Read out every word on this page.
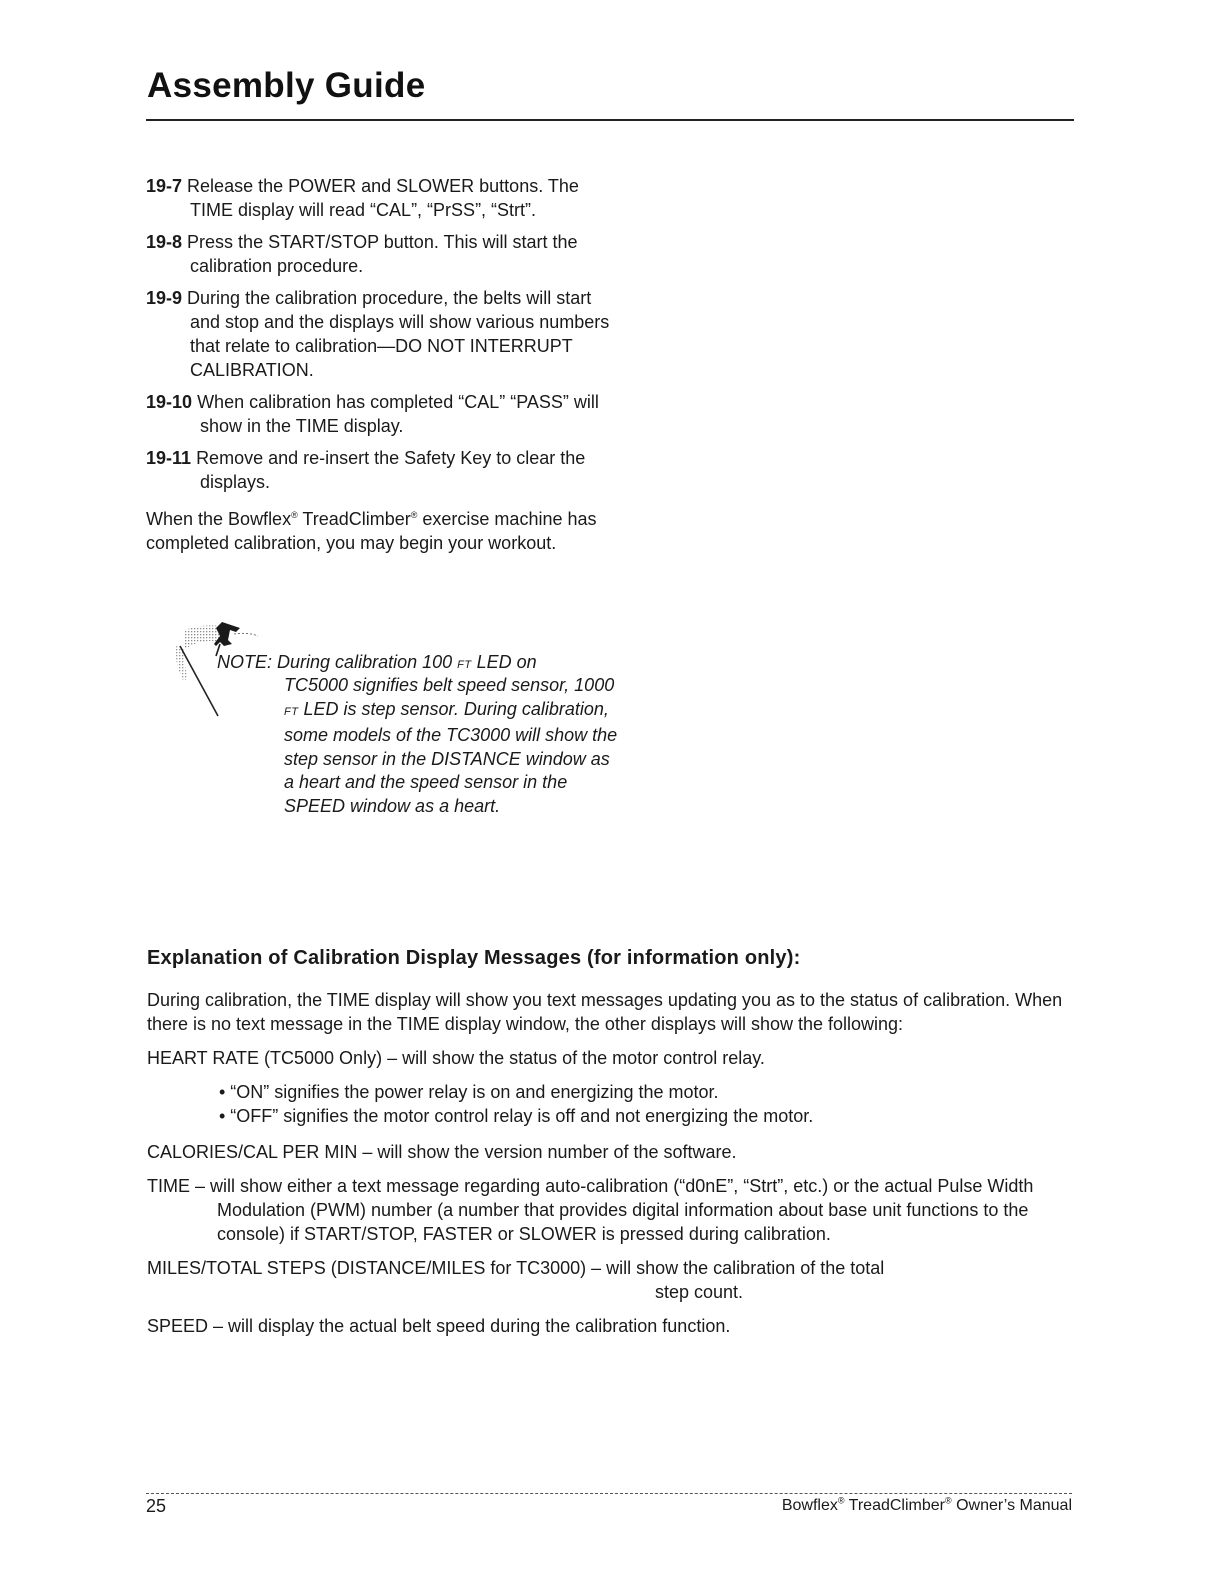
Assembly Guide

19-7 Release the POWER and SLOWER buttons. The TIME display will read “CAL”, “PrSS”, “Strt”.

19-8 Press the START/STOP button. This will start the calibration procedure.

19-9 During the calibration procedure, the belts will start and stop and the displays will show various numbers that relate to calibration—DO NOT INTERRUPT CALIBRATION.

19-10 When calibration has completed “CAL” “PASS” will show in the TIME display.

19-11 Remove and re-insert the Safety Key to clear the displays.

When the Bowflex® TreadClimber® exercise machine has completed calibration, you may begin your workout.

NOTE: During calibration 100 FT LED on
TC5000 signifies belt speed sensor, 1000 FT LED is step sensor. During calibration, some models of the TC3000 will show the step sensor in the DISTANCE window as a heart and the speed sensor in the SPEED window as a heart.
Explanation of Calibration Display Messages (for information only):

During calibration, the TIME display will show you text messages updating you as to the status of calibration. When there is no text message in the TIME display window, the other displays will show the following:

HEART RATE (TC5000 Only) – will show the status of the motor control relay.

• “ON” signifies the power relay is on and energizing the motor.
• “OFF” signifies the motor control relay is off and not energizing the motor.

CALORIES/CAL PER MIN – will show the version number of the software.

TIME – will show either a text message regarding auto-calibration (“d0nE”, “Strt”, etc.) or the actual Pulse Width Modulation (PWM) number (a number that provides digital information about base unit functions to the console) if START/STOP, FASTER or SLOWER is pressed during calibration.

MILES/TOTAL STEPS (DISTANCE/MILES for TC3000) – will show the calibration of the total
step count.

SPEED – will display the actual belt speed during the calibration function.

25	Bowflex® TreadClimber® Owner’s Manual
